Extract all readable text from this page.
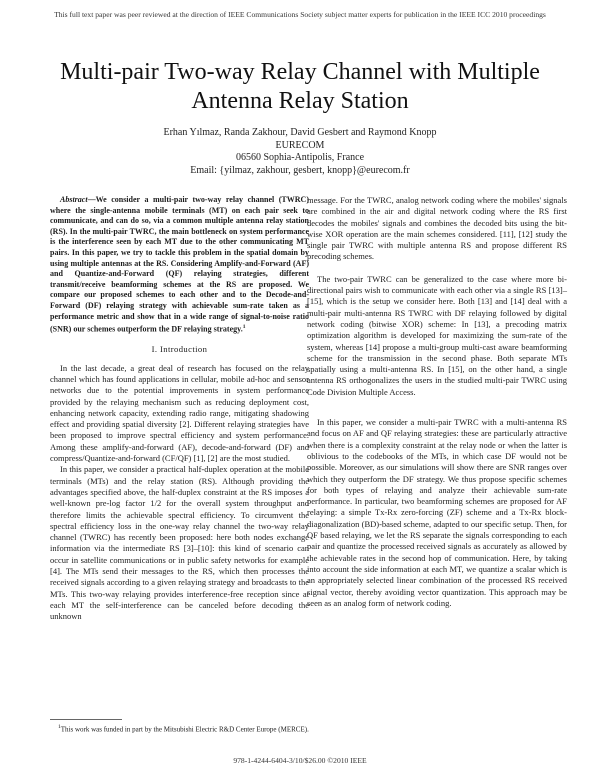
This full text paper was peer reviewed at the direction of IEEE Communications Society subject matter experts for publication in the IEEE ICC 2010 proceedings
Multi-pair Two-way Relay Channel with Multiple Antenna Relay Station
Erhan Yılmaz, Randa Zakhour, David Gesbert and Raymond Knopp
EURECOM
06560 Sophia-Antipolis, France
Email: {yilmaz, zakhour, gesbert, knopp}@eurecom.fr

Abstract—We consider a multi-pair two-way relay channel (TWRC) where the single-antenna mobile terminals (MT) on each pair seek to communicate, and can do so, via a common multiple antenna relay station (RS). In the multi-pair TWRC, the main bottleneck on system performance is the interference seen by each MT due to the other communicating MT pairs. In this paper, we try to tackle this problem in the spatial domain by using multiple antennas at the RS. Considering Amplify-and-Forward (AF) and Quantize-and-Forward (QF) relaying strategies, different transmit/receive beamforming schemes at the RS are proposed. We compare our proposed schemes to each other and to the Decode-and-Forward (DF) relaying strategy with achievable sum-rate taken as a performance metric and show that in a wide range of signal-to-noise ratio (SNR) our schemes outperform the DF relaying strategy.$^1$

I. Introduction

In the last decade, a great deal of research has focused on the relay channel which has found applications in cellular, mobile ad-hoc and sensor networks due to the potential improvements in system performance provided by the relaying mechanism such as reducing deployment cost, enhancing network capacity, extending radio range, mitigating shadowing effect and providing spatial diversity [2]. Different relaying strategies have been proposed to improve spectral efficiency and system performance. Among these amplify-and-forward (AF), decode-and-forward (DF) and compress/Quantize-and-forward (CF/QF) [1], [2] are the most studied.

In this paper, we consider a practical half-duplex operation at the mobile terminals (MTs) and the relay station (RS). Although providing the advantages specified above, the half-duplex constraint at the RS imposes a well-known pre-log factor 1/2 for the overall system throughput and therefore limits the achievable spectral efficiency. To circumvent the spectral efficiency loss in the one-way relay channel the two-way relay channel (TWRC) has recently been proposed: here both nodes exchange information via the intermediate RS [3]–[10]: this kind of scenario can occur in satellite communications or in public safety networks for example [4]. The MTs send their messages to the RS, which then processes the received signals according to a given relaying strategy and broadcasts to the MTs. This two-way relaying provides interference-free reception since at each MT the self-interference can be canceled before decoding the unknown

$^1$This work was funded in part by the Mitsubishi Electric R&D Center Europe (MERCE).

message. For the TWRC, analog network coding where the mobiles' signals are combined in the air and digital network coding where the RS first decodes the mobiles' signals and combines the decoded bits using the bit-wise XOR operation are the main schemes considered. [11], [12] study the single pair TWRC with multiple antenna RS and propose different RS precoding schemes.

The two-pair TWRC can be generalized to the case where more bi-directional pairs wish to communicate with each other via a single RS [13]–[15], which is the setup we consider here. Both [13] and [14] deal with a multi-pair multi-antenna RS TWRC with DF relaying followed by digital network coding (bitwise XOR) scheme: In [13], a precoding matrix optimization algorithm is developed for maximizing the sum-rate of the system, whereas [14] propose a multi-group multi-cast aware beamforming scheme for the transmission in the second phase. Both separate MTs spatially using a multi-antenna RS. In [15], on the other hand, a single antenna RS orthogonalizes the users in the studied multi-pair TWRC using Code Division Multiple Access.

In this paper, we consider a multi-pair TWRC with a multi-antenna RS and focus on AF and QF relaying strategies: these are particularly attractive when there is a complexity constraint at the relay node or when the latter is oblivious to the codebooks of the MTs, in which case DF would not be possible. Moreover, as our simulations will show there are SNR ranges over which they outperform the DF strategy. We thus propose specific schemes for both types of relaying and analyze their achievable sum-rate performance. In particular, two beamforming schemes are proposed for AF relaying: a simple Tx-Rx zero-forcing (ZF) scheme and a Tx-Rx block-diagonalization (BD)-based scheme, adapted to our specific setup. Then, for QF based relaying, we let the RS separate the signals corresponding to each pair and quantize the processed received signals as accurately as allowed by the achievable rates in the second hop of communication. Here, by taking into account the side information at each MT, we quantize a scalar which is an appropriately selected linear combination of the processed RS received signal vector, thereby avoiding vector quantization. This approach may be seen as an analog form of network coding.

978-1-4244-6404-3/10/$26.00 ©2010 IEEE
